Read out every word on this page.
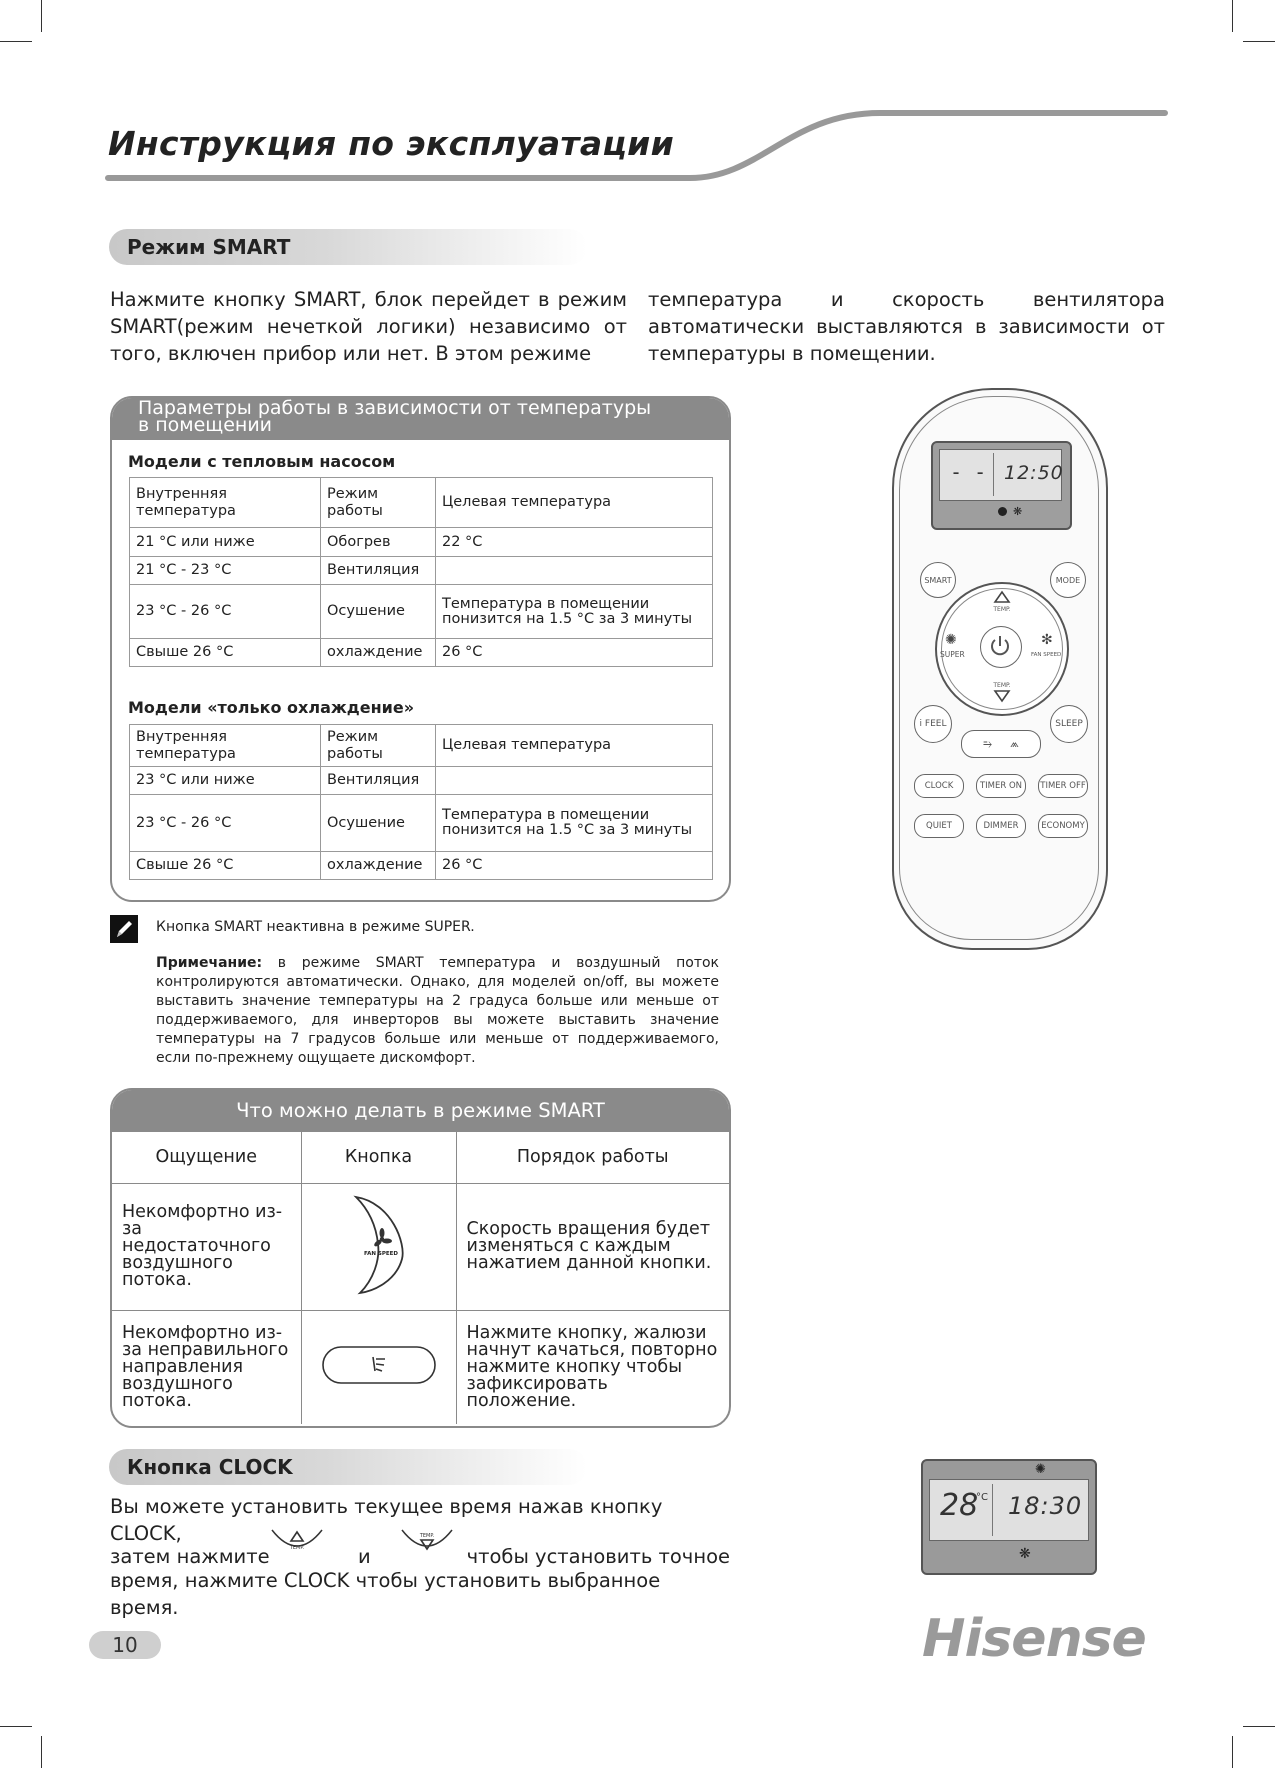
Инструкция по эксплуатации
Режим SMART
Нажмите кнопку SMART, блок перейдет в режим SMART(режим нечеткой логики) независимо от того, включен прибор или нет. В этом режиме
температура и скорость вентилятора автоматически выставляются в зависимости от температуры в помещении.
Параметры работы в зависимости от температуры
в помещении
Модели с тепловым насосом
Внутренняя температура	Режим работы	Целевая температура
21 °C или ниже	Обогрев	22 °C
21 °C - 23 °C	Вентиляция	
23 °C - 26 °C	Осушение	Температура в помещении понизится на 1.5 °C за 3 минуты
Свыше 26 °C	охлаждение	26 °C
Модели «только охлаждение»
Внутренняя температура	Режим работы	Целевая температура
23 °C или ниже	Вентиляция	
23 °C - 26 °C	Осушение	Температура в помещении понизится на 1.5 °C за 3 минуты
Свыше 26 °C	охлаждение	26 °C
Кнопка SMART неактивна в режиме SUPER.
Примечание: в режиме SMART температура и воздушный поток контролируются автоматически. Однако, для моделей on/off, вы можете выставить значение температуры на 2 градуса больше или меньше от поддерживаемого, для инверторов вы можете выставить значение температуры на 7 градусов больше или меньше от поддерживаемого, если по-прежнему ощущаете дискомфорт.
Что можно делать в режиме SMART
Ощущение	Кнопка	Порядок работы
Некомфортно из-за недостаточного воздушного потока.	FAN SPEED	Скорость вращения будет изменяться с каждым нажатием данной кнопки.
Некомфортно из-за неправильного направления воздушного потока.		Нажмите кнопку, жалюзи начнут качаться, повторно нажмите кнопку чтобы зафиксировать положение.
Кнопка CLOCK
Вы можете установить текущее время нажав кнопку CLOCK,
затем нажмите	TEMP.	и
TEMP.
чтобы установить точное
время, нажмите CLOCK чтобы установить выбранное время.
- - 12:50
❋
SMART	MODE
TEMP.
TEMP.
✺
SUPER
✻
FAN SPEED
i FEEL	SLEEP
⥱ ⩕
CLOCK	TIMER ON	TIMER OFF
QUIET	DIMMER	ECONOMY
✺
28
°C 18:30
❋
10	Hisense
